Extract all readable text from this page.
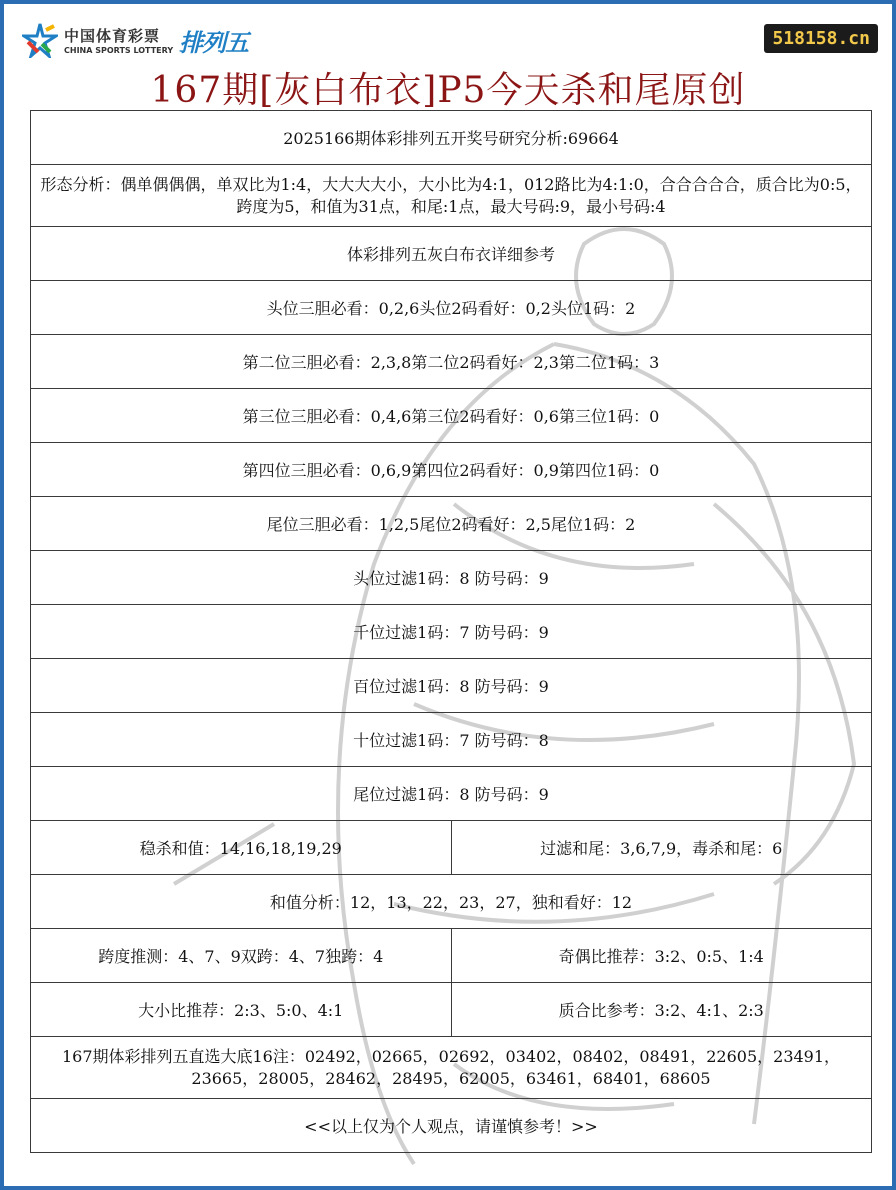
中国体育彩票
CHINA SPORTS LOTTERY 排列五	518158.cn
167期[灰白布衣]P5今天杀和尾原创
2025166期体彩排列五开奖号研究分析:69664	
形态分析：偶单偶偶偶，单双比为1:4，大大大大小，大小比为4:1，012路比为4:1:0，合合合合合，质合比为0:5，跨度为5，和值为31点，和尾:1点，最大号码:9，最小号码:4	
体彩排列五灰白布衣详细参考	
头位三胆必看：0,2,6头位2码看好：0,2头位1码：2	
第二位三胆必看：2,3,8第二位2码看好：2,3第二位1码：3	
第三位三胆必看：0,4,6第三位2码看好：0,6第三位1码：0	
第四位三胆必看：0,6,9第四位2码看好：0,9第四位1码：0	
尾位三胆必看：1,2,5尾位2码看好：2,5尾位1码：2	
头位过滤1码：8 防号码：9	
千位过滤1码：7 防号码：9	
百位过滤1码：8 防号码：9	
十位过滤1码：7 防号码：8	
尾位过滤1码：8 防号码：9	
稳杀和值：14,16,18,19,29	过滤和尾：3,6,7,9，毒杀和尾：6
和值分析：12，13，22，23，27，独和看好：12	
跨度推测：4、7、9双跨：4、7独跨：4	奇偶比推荐：3:2、0:5、1:4
大小比推荐：2:3、5:0、4:1	质合比参考：3:2、4:1、2:3
167期体彩排列五直选大底16注：02492，02665，02692，03402，08402，08491，22605，23491，23665，28005，28462，28495，62005，63461，68401，68605	
<<以上仅为个人观点，请谨慎参考！>>	
